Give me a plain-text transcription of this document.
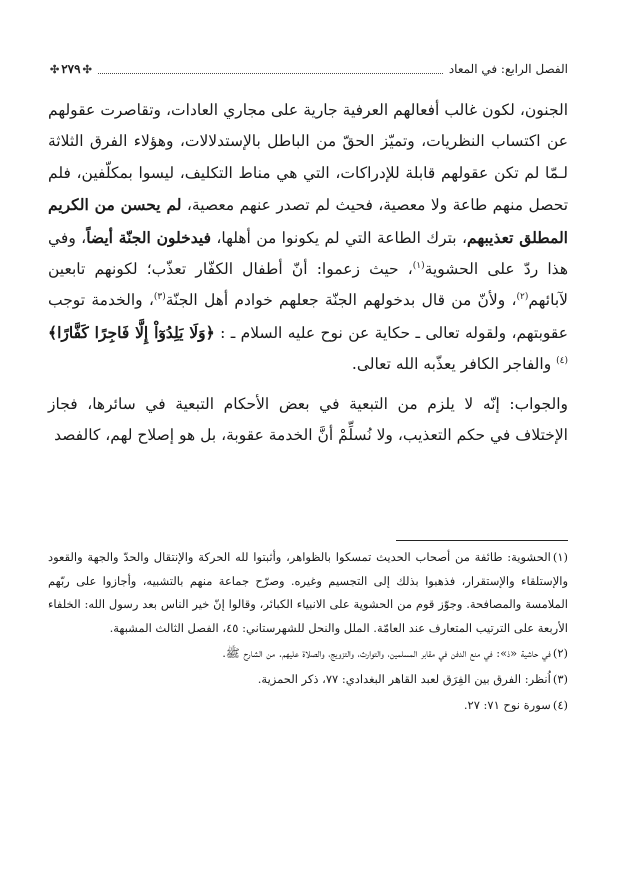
الفصل الرابع: في المعاد
✣٢٧٩✣

الجنون، لكون غالب أفعالهم العرفية جارية على مجاري العادات، وتقاصرت عقولهم عن اكتساب النظريات، وتميّز الحقّ من الباطل بالإستدلالات، وهؤلاء الفرق الثلاثة لـمّا لم تكن عقولهم قابلة للإدراكات، التي هي مناط التكليف، ليسوا بمكلّفين، فلم تحصل منهم طاعة ولا معصية، فحيث لم تصدر عنهم معصية، لم يحسن من الكريم المطلق تعذيبهم، بترك الطاعة التي لم يكونوا من أهلها، فيدخلون الجنّة أيضاً، وفي هذا ردّ على الحشوية$^{(١)}$، حيث زعموا: أنّ أطفال الكفّار تعذّب؛ لكونهم تابعين لآبائهم$^{(٢)}$، ولأنّ من قال بدخولهم الجنّة جعلهم خوادم أهل الجنّة$^{(٣)}$، والخدمة توجب عقوبتهم، ولقوله تعالى ـ حكاية عن نوح عليه السلام ـ : ﴿وَلَا يَلِدُوٓاْ إِلَّا فَاجِرًا كَفَّارًا﴾$^{(٤)}$ والفاجر الكافر يعذّبه الله تعالى.

والجواب: إنّه لا يلزم من التبعية في بعض الأحكام التبعية في سائرها، فجاز الإختلاف في حكم التعذيب، ولا نُسلِّمْ أنَّ الخدمة عقوبة، بل هو إصلاح لهم، كالفصد

(١)الحشوية: طائفة من أصحاب الحديث تمسكوا بالظواهر، وأثبتوا لله الحركة والإنتقال والحدّ والجهة والقعود والإستلقاء والإستقرار، فذهبوا بذلك إلى التجسيم وغيره. وصرّح جماعة منهم بالتشبيه، وأجازوا على ربّهم الملامسة والمصافحة. وجوّز قوم من الحشوية على الانبياء الكبائر، وقالوا إنّ خير الناس بعد رسول الله: الخلفاء الأربعة على الترتيب المتعارف عند العامّة. الملل والنحل للشهرستاني: ٤٥، الفصل الثالث المشبهة.
(٢)في حاشية «ذ»: في منع الدفن في مقابر المسلمين، والتوارث، والتزويج، والصلاة عليهم. من الشارح ﷺ.
(٣)اُنظر: الفرق بين الفِرَق لعبد القاهر البغدادي: ٧٧، ذكر الحمزية.
(٤)سورة نوح ٧١: ٢٧.
